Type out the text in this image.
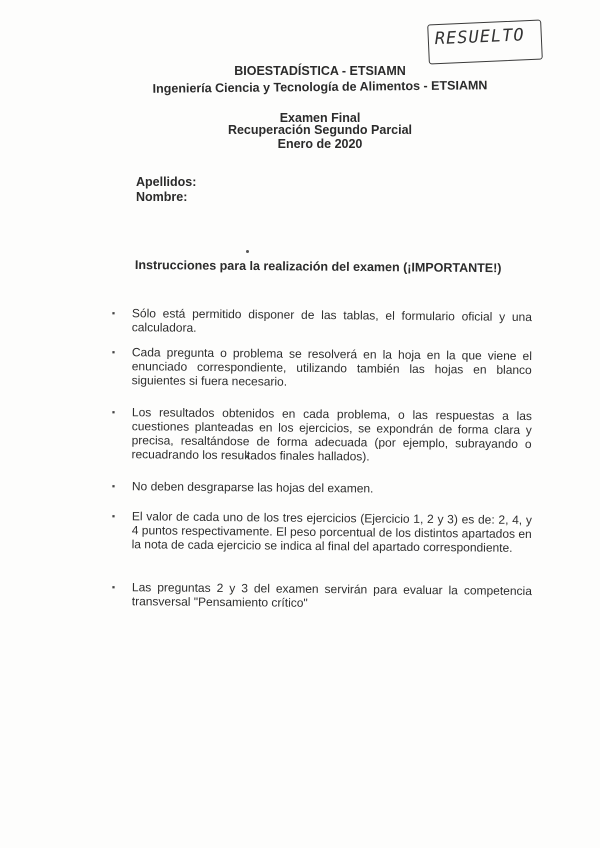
RESUELTO
BIOESTADÍSTICA - ETSIAMN
Ingeniería Ciencia y Tecnología de Alimentos - ETSIAMN
Examen Final
Recuperación Segundo Parcial
Enero de 2020
Apellidos:
Nombre:
Instrucciones para la realización del examen (¡IMPORTANTE!)
▪	Sólo está permitido disponer de las tablas, el formulario oficial y una calculadora.
▪	Cada pregunta o problema se resolverá en la hoja en la que viene el enunciado correspondiente, utilizando también las hojas en blanco siguientes si fuera necesario.
▪	Los resultados obtenidos en cada problema, o las respuestas a las cuestiones planteadas en los ejercicios, se expondrán de forma clara y precisa, resaltándose de forma adecuada (por ejemplo, subrayando o recuadrando los resultados finales hallados).
▪	No deben desgraparse las hojas del examen.
▪	El valor de cada uno de los tres ejercicios (Ejercicio 1, 2 y 3) es de: 2, 4, y 4 puntos respectivamente. El peso porcentual de los distintos apartados en la nota de cada ejercicio se indica al final del apartado correspondiente.
▪	Las preguntas 2 y 3 del examen servirán para evaluar la competencia transversal "Pensamiento crítico"
